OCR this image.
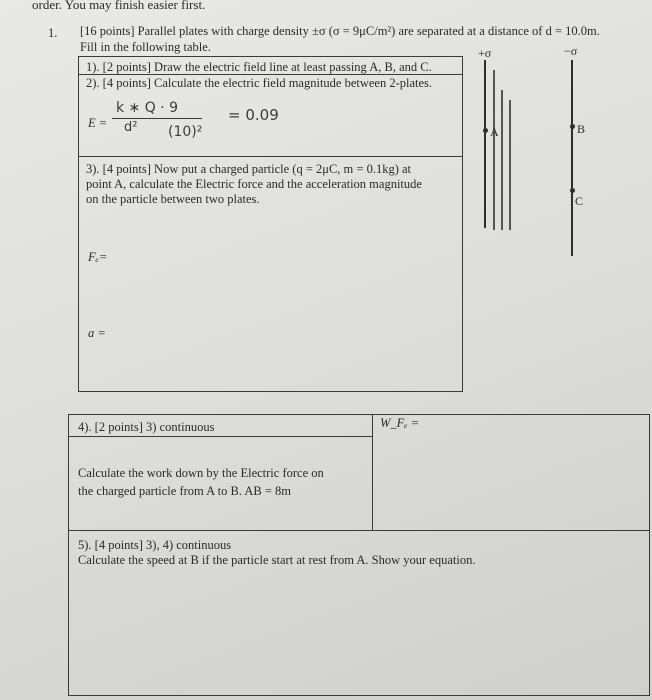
order. You may finish easier first.
1. [16 points] Parallel plates with charge density ±σ (σ = 9μC/m²) are separated at a distance of d = 10.0m.
Fill in the following table.
1). [2 points] Draw the electric field line at least passing A, B, and C.
2). [4 points] Calculate the electric field magnitude between 2-plates.
E =
k ∗ Q · 9
d² (10)²
= 0.09
3). [4 points] Now put a charged particle (q = 2μC, m = 0.1kg) at
point A, calculate the Electric force and the acceleration magnitude
on the particle between two plates.
Fₑ=
a =
4). [2 points] 3) continuous	W_Fₑ =
Calculate the work down by the Electric force on
the charged particle from A to B. AB = 8m
5). [4 points] 3), 4) continuous
Calculate the speed at B if the particle start at rest from A. Show your equation.
+σ	−σ
A	B
C
